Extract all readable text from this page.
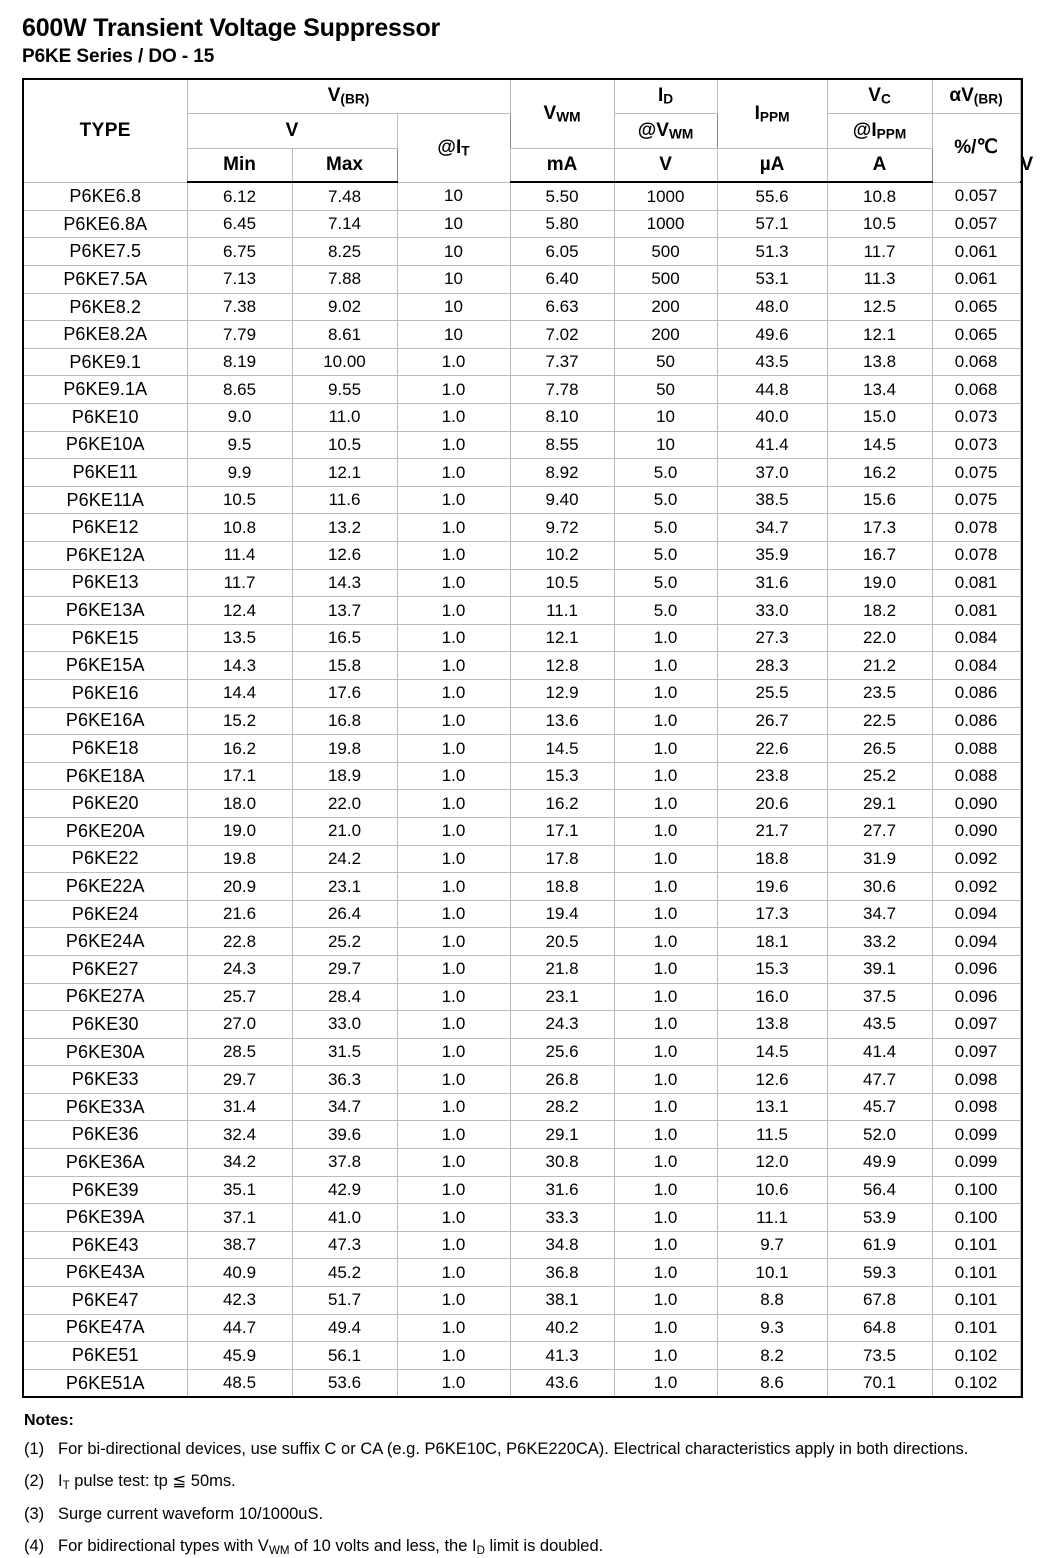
600W Transient Voltage Suppressor
P6KE Series / DO - 15
TYPE	V(BR)			VWM	ID	IPPM	VC	αV(BR)	
	V		@IT		@VWM		@IPPM	%/℃	
	Min	Max		mA	V	µA	A		V
P6KE6.8	6.12	7.48	10	5.50	1000	55.6	10.8	0.057	
P6KE6.8A	6.45	7.14	10	5.80	1000	57.1	10.5	0.057	
P6KE7.5	6.75	8.25	10	6.05	500	51.3	11.7	0.061	
P6KE7.5A	7.13	7.88	10	6.40	500	53.1	11.3	0.061	
P6KE8.2	7.38	9.02	10	6.63	200	48.0	12.5	0.065	
P6KE8.2A	7.79	8.61	10	7.02	200	49.6	12.1	0.065	
P6KE9.1	8.19	10.00	1.0	7.37	50	43.5	13.8	0.068	
P6KE9.1A	8.65	9.55	1.0	7.78	50	44.8	13.4	0.068	
P6KE10	9.0	11.0	1.0	8.10	10	40.0	15.0	0.073	
P6KE10A	9.5	10.5	1.0	8.55	10	41.4	14.5	0.073	
P6KE11	9.9	12.1	1.0	8.92	5.0	37.0	16.2	0.075	
P6KE11A	10.5	11.6	1.0	9.40	5.0	38.5	15.6	0.075	
P6KE12	10.8	13.2	1.0	9.72	5.0	34.7	17.3	0.078	
P6KE12A	11.4	12.6	1.0	10.2	5.0	35.9	16.7	0.078	
P6KE13	11.7	14.3	1.0	10.5	5.0	31.6	19.0	0.081	
P6KE13A	12.4	13.7	1.0	11.1	5.0	33.0	18.2	0.081	
P6KE15	13.5	16.5	1.0	12.1	1.0	27.3	22.0	0.084	
P6KE15A	14.3	15.8	1.0	12.8	1.0	28.3	21.2	0.084	
P6KE16	14.4	17.6	1.0	12.9	1.0	25.5	23.5	0.086	
P6KE16A	15.2	16.8	1.0	13.6	1.0	26.7	22.5	0.086	
P6KE18	16.2	19.8	1.0	14.5	1.0	22.6	26.5	0.088	
P6KE18A	17.1	18.9	1.0	15.3	1.0	23.8	25.2	0.088	
P6KE20	18.0	22.0	1.0	16.2	1.0	20.6	29.1	0.090	
P6KE20A	19.0	21.0	1.0	17.1	1.0	21.7	27.7	0.090	
P6KE22	19.8	24.2	1.0	17.8	1.0	18.8	31.9	0.092	
P6KE22A	20.9	23.1	1.0	18.8	1.0	19.6	30.6	0.092	
P6KE24	21.6	26.4	1.0	19.4	1.0	17.3	34.7	0.094	
P6KE24A	22.8	25.2	1.0	20.5	1.0	18.1	33.2	0.094	
P6KE27	24.3	29.7	1.0	21.8	1.0	15.3	39.1	0.096	
P6KE27A	25.7	28.4	1.0	23.1	1.0	16.0	37.5	0.096	
P6KE30	27.0	33.0	1.0	24.3	1.0	13.8	43.5	0.097	
P6KE30A	28.5	31.5	1.0	25.6	1.0	14.5	41.4	0.097	
P6KE33	29.7	36.3	1.0	26.8	1.0	12.6	47.7	0.098	
P6KE33A	31.4	34.7	1.0	28.2	1.0	13.1	45.7	0.098	
P6KE36	32.4	39.6	1.0	29.1	1.0	11.5	52.0	0.099	
P6KE36A	34.2	37.8	1.0	30.8	1.0	12.0	49.9	0.099	
P6KE39	35.1	42.9	1.0	31.6	1.0	10.6	56.4	0.100	
P6KE39A	37.1	41.0	1.0	33.3	1.0	11.1	53.9	0.100	
P6KE43	38.7	47.3	1.0	34.8	1.0	9.7	61.9	0.101	
P6KE43A	40.9	45.2	1.0	36.8	1.0	10.1	59.3	0.101	
P6KE47	42.3	51.7	1.0	38.1	1.0	8.8	67.8	0.101	
P6KE47A	44.7	49.4	1.0	40.2	1.0	9.3	64.8	0.101	
P6KE51	45.9	56.1	1.0	41.3	1.0	8.2	73.5	0.102	
P6KE51A	48.5	53.6	1.0	43.6	1.0	8.6	70.1	0.102	
Notes:
(1) For bi-directional devices, use suffix C or CA (e.g. P6KE10C, P6KE220CA). Electrical characteristics apply in both directions.
(2) $I_T$ pulse test: tp ≦ 50ms.
(3) Surge current waveform 10/1000uS.
(4) For bidirectional types with $V_{WM}$ of 10 volts and less, the $I_D$ limit is doubled.
